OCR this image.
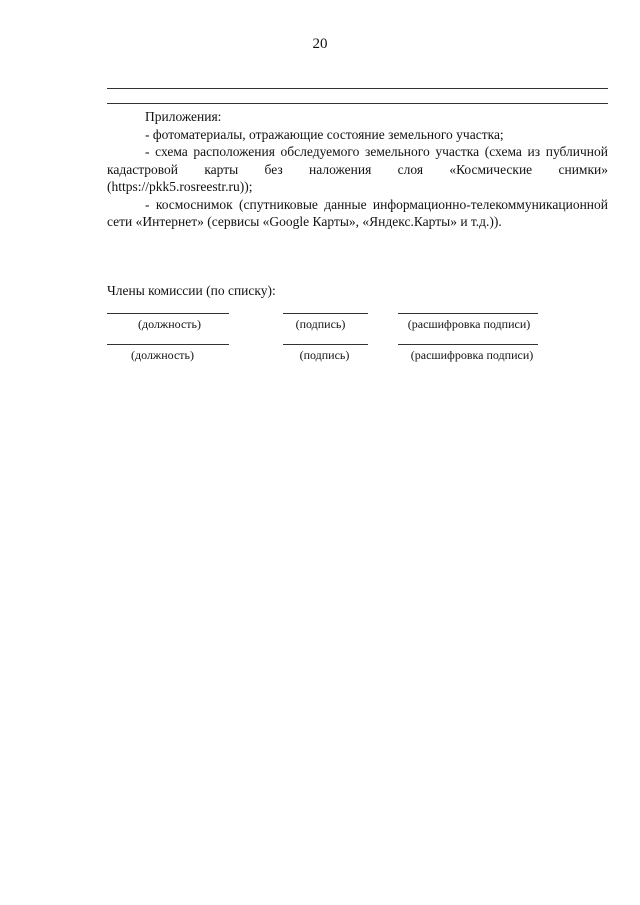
20

Приложения:

- фотоматериалы, отражающие состояние земельного участка;

- схема расположения обследуемого земельного участка (схема из публичной кадастровой карты без наложения слоя «Космические снимки» (https://pkk5.rosreestr.ru));

- космоснимок (спутниковые данные информационно-телекоммуникационной сети «Интернет» (сервисы «Google Карты», «Яндекс.Карты» и т.д.)).

Члены комиссии (по списку):
(должность)	(подпись)	(расшифровка подписи)
(должность)	(подпись)	(расшифровка подписи)
